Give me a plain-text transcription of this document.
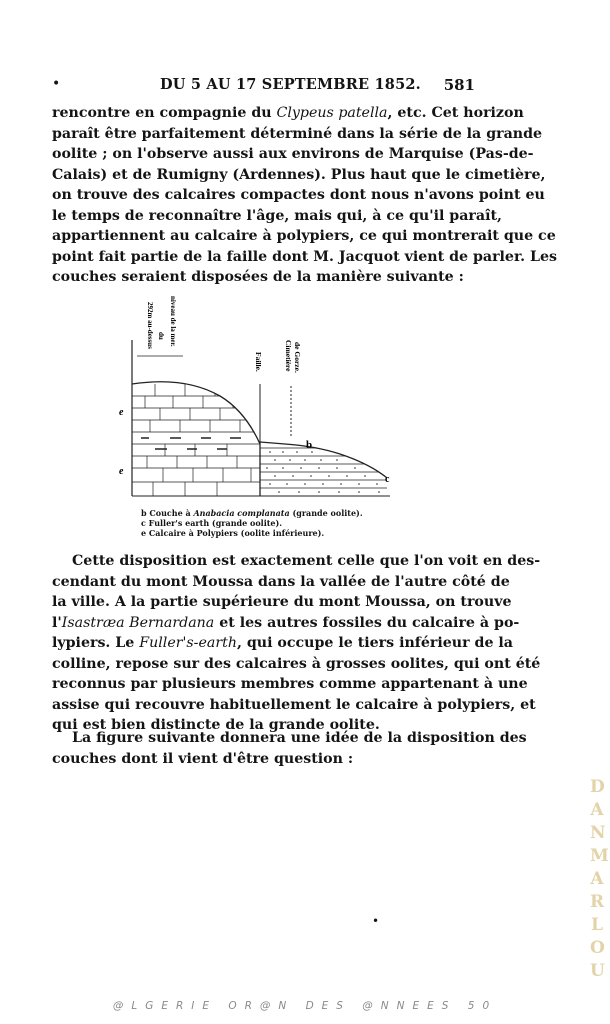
•	DU 5 AU 17 SEPTEMBRE 1852. 581
rencontre en compagnie du Clypeus patella, etc. Cet horizon
paraît être parfaitement déterminé dans la série de la grande
oolite ; on l'observe aussi aux environs de Marquise (Pas-de-
Calais) et de Rumigny (Ardennes). Plus haut que le cimetière,
on trouve des calcaires compactes dont nous n'avons point eu
le temps de reconnaître l'âge, mais qui, à ce qu'il paraît,
appartiennent au calcaire à polypiers, ce qui montrerait que ce
point fait partie de la faille dont M. Jacquot vient de parler. Les
couches seraient disposées de la manière suivante :
292m au-dessus du niveau de la mer.
Faille.	Cimetière de Gorze.
e
e
b
c
b Couche à Anabacia complanata (grande oolite).
c Fuller's earth (grande oolite).
e Calcaire à Polypiers (oolite inférieure).
Cette disposition est exactement celle que l'on voit en des-
cendant du mont Moussa dans la vallée de l'autre côté de
la ville. A la partie supérieure du mont Moussa, on trouve
l'Isastræa Bernardana et les autres fossiles du calcaire à po-
lypiers. Le Fuller's-earth, qui occupe le tiers inférieur de la
colline, repose sur des calcaires à grosses oolites, qui ont été
reconnus par plusieurs membres comme appartenant à une
assise qui recouvre habituellement le calcaire à polypiers, et
qui est bien distincte de la grande oolite.
La figure suivante donnera une idée de la disposition des
couches dont il vient d'être question :
•
D
A
N
M
A
R
L
O
U
@LGERIE OR@N DES @NNEES 50
